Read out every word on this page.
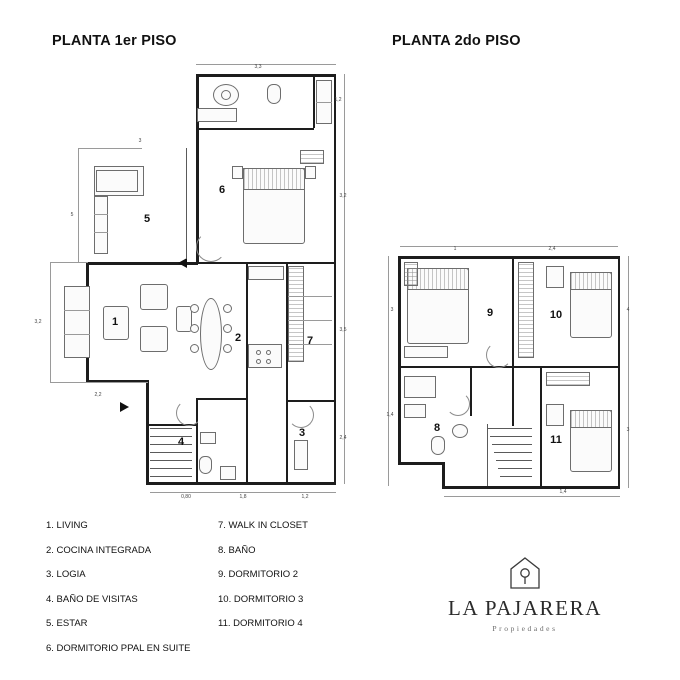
PLANTA 1er PISO	PLANTA 2do PISO
1
2
3
4
5
6
7
3,3
1,2
3
3,2
5
3,2
3,5
2,4
2,2
0,80	1,8	1,2
8
9	10
11
1	2,4
3	4
1,4
3
1,4
1. LIVING
2. COCINA INTEGRADA
3. LOGIA
4. BAÑO DE VISITAS
5. ESTAR
6. DORMITORIO PPAL EN SUITE
7. WALK IN CLOSET
8. BAÑO
9. DORMITORIO 2
10. DORMITORIO 3
11. DORMITORIO 4
LA PAJARERA
Propiedades
